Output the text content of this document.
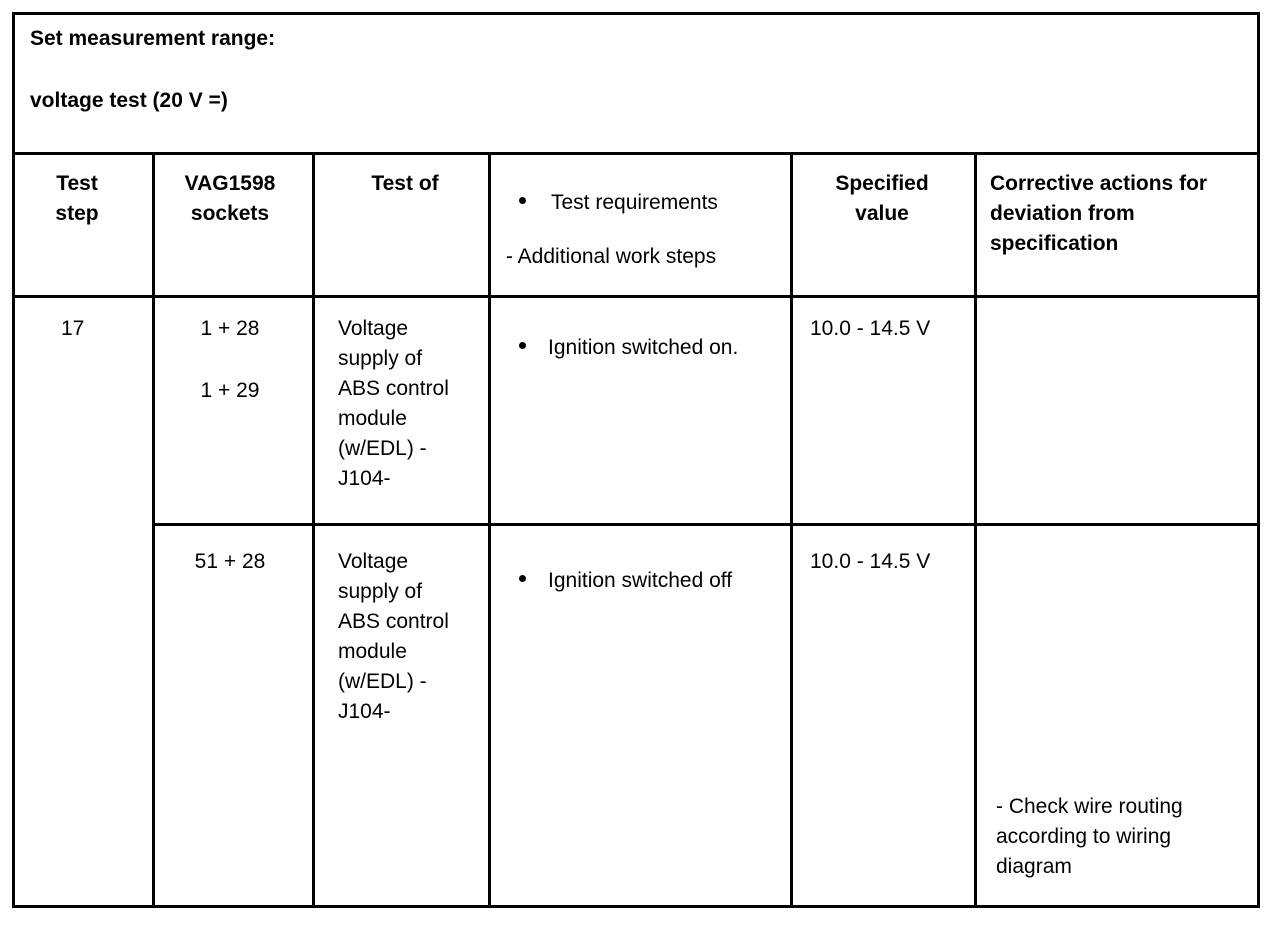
Set measurement range:
voltage test (20 V =)
Test
step
VAG1598
sockets
Test of
Test requirements
- Additional work steps
Specified
value
Corrective actions for
deviation from
specification
17	1 + 28
1 + 29
Voltage
supply of
ABS control
module
(w/EDL) -
J104-
Ignition switched on.
10.0 - 14.5 V
51 + 28	Voltage
supply of
ABS control
module
(w/EDL) -
J104-
Ignition switched off
10.0 - 14.5 V
- Check wire routing
according to wiring
diagram
